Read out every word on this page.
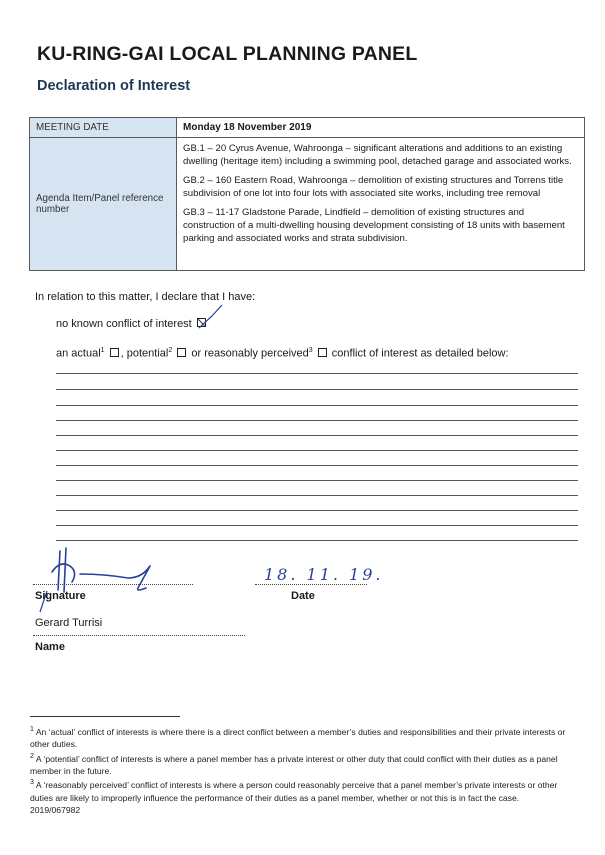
KU-RING-GAI LOCAL PLANNING PANEL
Declaration of Interest
MEETING DATE	Monday 18 November 2019
Agenda Item/Panel reference number	GB.1 – 20 Cyrus Avenue, Wahroonga – significant alterations and additions to an existing dwelling (heritage item) including a swimming pool, detached garage and associated works.
GB.2 – 160 Eastern Road, Wahroonga – demolition of existing structures and Torrens title subdivision of one lot into four lots with associated site works, including tree removal
GB.3 – 11-17 Gladstone Parade, Lindfield – demolition of existing structures and construction of a multi-dwelling housing development consisting of 18 units with basement parking and associated works and strata subdivision.
In relation to this matter, I declare that I have:
no known conflict of interest
an actual$^1$ , potential$^2$  or reasonably perceived$^3$  conflict of interest as detailed below:
18. 11. 19.
Signature	Date
Gerard Turrisi
Name

$^1$ An ‘actual’ conflict of interests is where there is a direct conflict between a member’s duties and responsibilities and their private interests or other duties.

$^2$ A ‘potential’ conflict of interests is where a panel member has a private interest or other duty that could conflict with their duties as a panel member in the future.

$^3$ A ‘reasonably perceived’ conflict of interests is where a person could reasonably perceive that a panel member’s private interests or other duties are likely to improperly influence the performance of their duties as a panel member, whether or not this is in fact the case.

2019/067982
